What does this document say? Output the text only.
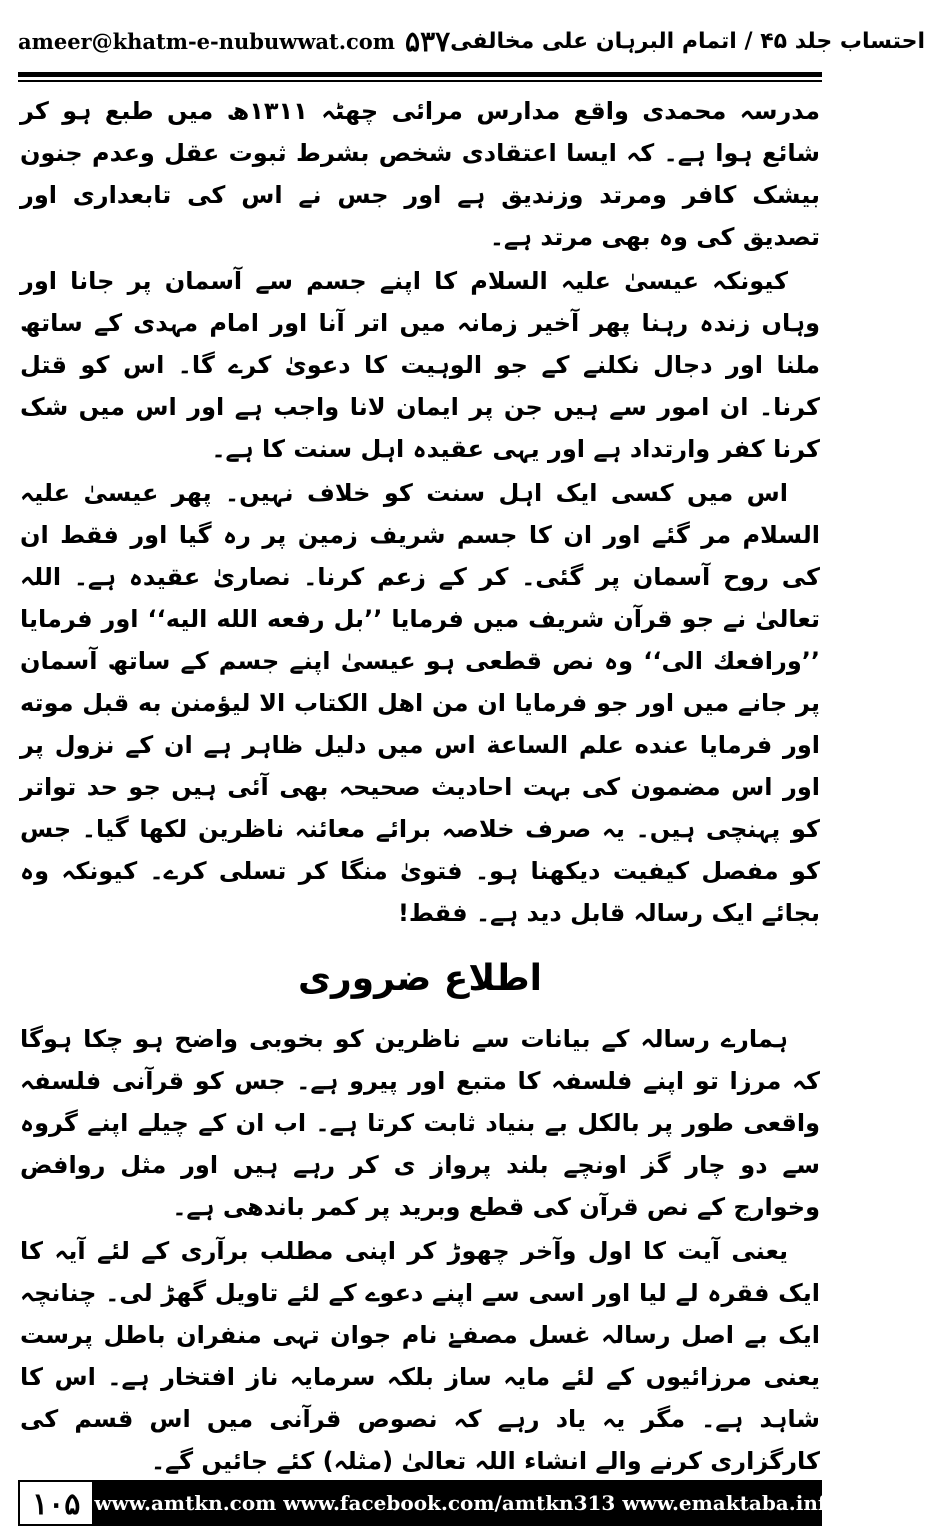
ameer@khatm-e-nubuwwat.com ۵۳۷ احتساب جلد ۴۵ / اتمام البرہان علی مخالفی

مدرسہ محمدی واقع مدارس مرائی چھٹہ ۱۳۱۱ھ میں طبع ہو کر شائع ہوا ہے۔ کہ ایسا اعتقادی شخص بشرط ثبوت عقل وعدم جنون بیشک کافر ومرتد وزندیق ہے اور جس نے اس کی تابعداری اور تصدیق کی وہ بھی مرتد ہے۔

کیونکہ عیسیٰ علیہ السلام کا اپنے جسم سے آسمان پر جانا اور وہاں زندہ رہنا پھر آخیر زمانہ میں اتر آنا اور امام مہدی کے ساتھ ملنا اور دجال نکلنے کے جو الوہیت کا دعویٰ کرے گا۔ اس کو قتل کرنا۔ ان امور سے ہیں جن پر ایمان لانا واجب ہے اور اس میں شک کرنا کفر وارتداد ہے اور یہی عقیدہ اہل سنت کا ہے۔

اس میں کسی ایک اہل سنت کو خلاف نہیں۔ پھر عیسیٰ علیہ السلام مر گئے اور ان کا جسم شریف زمین پر رہ گیا اور فقط ان کی روح آسمان پر گئی۔ کر کے زعم کرنا۔ نصاریٰ عقیدہ ہے۔ اللہ تعالیٰ نے جو قرآن شریف میں فرمایا ’’بل رفعه الله اليه‘‘ اور فرمایا ’’ورافعك الى‘‘ وہ نص قطعی ہو عیسیٰ اپنے جسم کے ساتھ آسمان پر جانے میں اور جو فرمایا ان من اهل الكتاب الا ليؤمنن به قبل موته اور فرمایا عنده علم الساعة اس میں دلیل ظاہر ہے ان کے نزول پر اور اس مضمون کی بہت احادیث صحیحہ بھی آئی ہیں جو حد تواتر کو پہنچی ہیں۔ یہ صرف خلاصہ برائے معائنہ ناظرین لکھا گیا۔ جس کو مفصل کیفیت دیکھنا ہو۔ فتویٰ منگا کر تسلی کرے۔ کیونکہ وہ بجائے ایک رسالہ قابل دید ہے۔ فقط!

اطلاع ضروری

ہمارے رسالہ کے بیانات سے ناظرین کو بخوبی واضح ہو چکا ہوگا کہ مرزا تو اپنے فلسفہ کا متبع اور پیرو ہے۔ جس کو قرآنی فلسفہ واقعی طور پر بالکل بے بنیاد ثابت کرتا ہے۔ اب ان کے چیلے اپنے گروہ سے دو چار گز اونچے بلند پرواز ی کر رہے ہیں اور مثل روافض وخوارج کے نص قرآن کی قطع وبرید پر کمر باندھی ہے۔

یعنی آیت کا اول وآخر چھوڑ کر اپنی مطلب برآری کے لئے آیہ کا ایک فقرہ لے لیا اور اسی سے اپنے دعوے کے لئے تاویل گھڑ لی۔ چنانچہ ایک بے اصل رسالہ غسل مصفےٰ نام جوان تہی منفران باطل پرست یعنی مرزائیوں کے لئے مایہ ساز بلکہ سرمایہ ناز افتخار ہے۔ اس کا شاہد ہے۔ مگر یہ یاد رہے کہ نصوص قرآنی میں اس قسم کی کارگزاری کرنے والے انشاء اللہ تعالیٰ (مثلہ) کئے جائیں گے۔

۱۰۵ www.amtkn.com www.facebook.com/amtkn313 www.emaktaba.info
